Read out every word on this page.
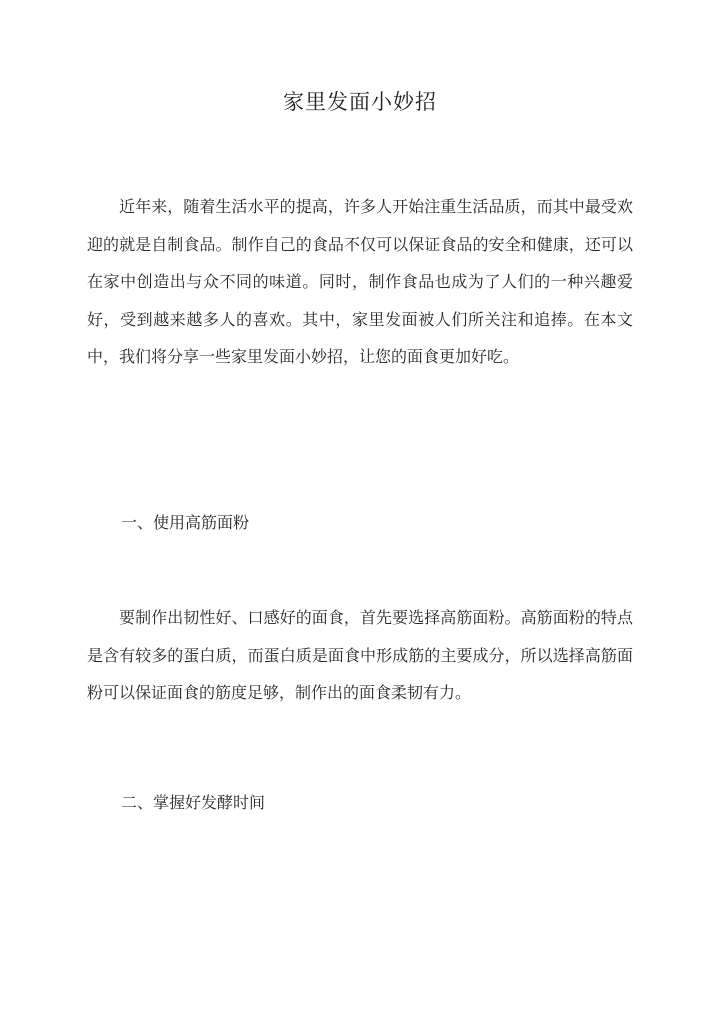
家里发面小妙招

近年来，随着生活水平的提高，许多人开始注重生活品质，而其中最受欢迎的就是自制食品。制作自己的食品不仅可以保证食品的安全和健康，还可以在家中创造出与众不同的味道。同时，制作食品也成为了人们的一种兴趣爱好，受到越来越多人的喜欢。其中，家里发面被人们所关注和追捧。在本文中，我们将分享一些家里发面小妙招，让您的面食更加好吃。

一、使用高筋面粉

要制作出韧性好、口感好的面食，首先要选择高筋面粉。高筋面粉的特点是含有较多的蛋白质，而蛋白质是面食中形成筋的主要成分，所以选择高筋面粉可以保证面食的筋度足够，制作出的面食柔韧有力。

二、掌握好发酵时间
